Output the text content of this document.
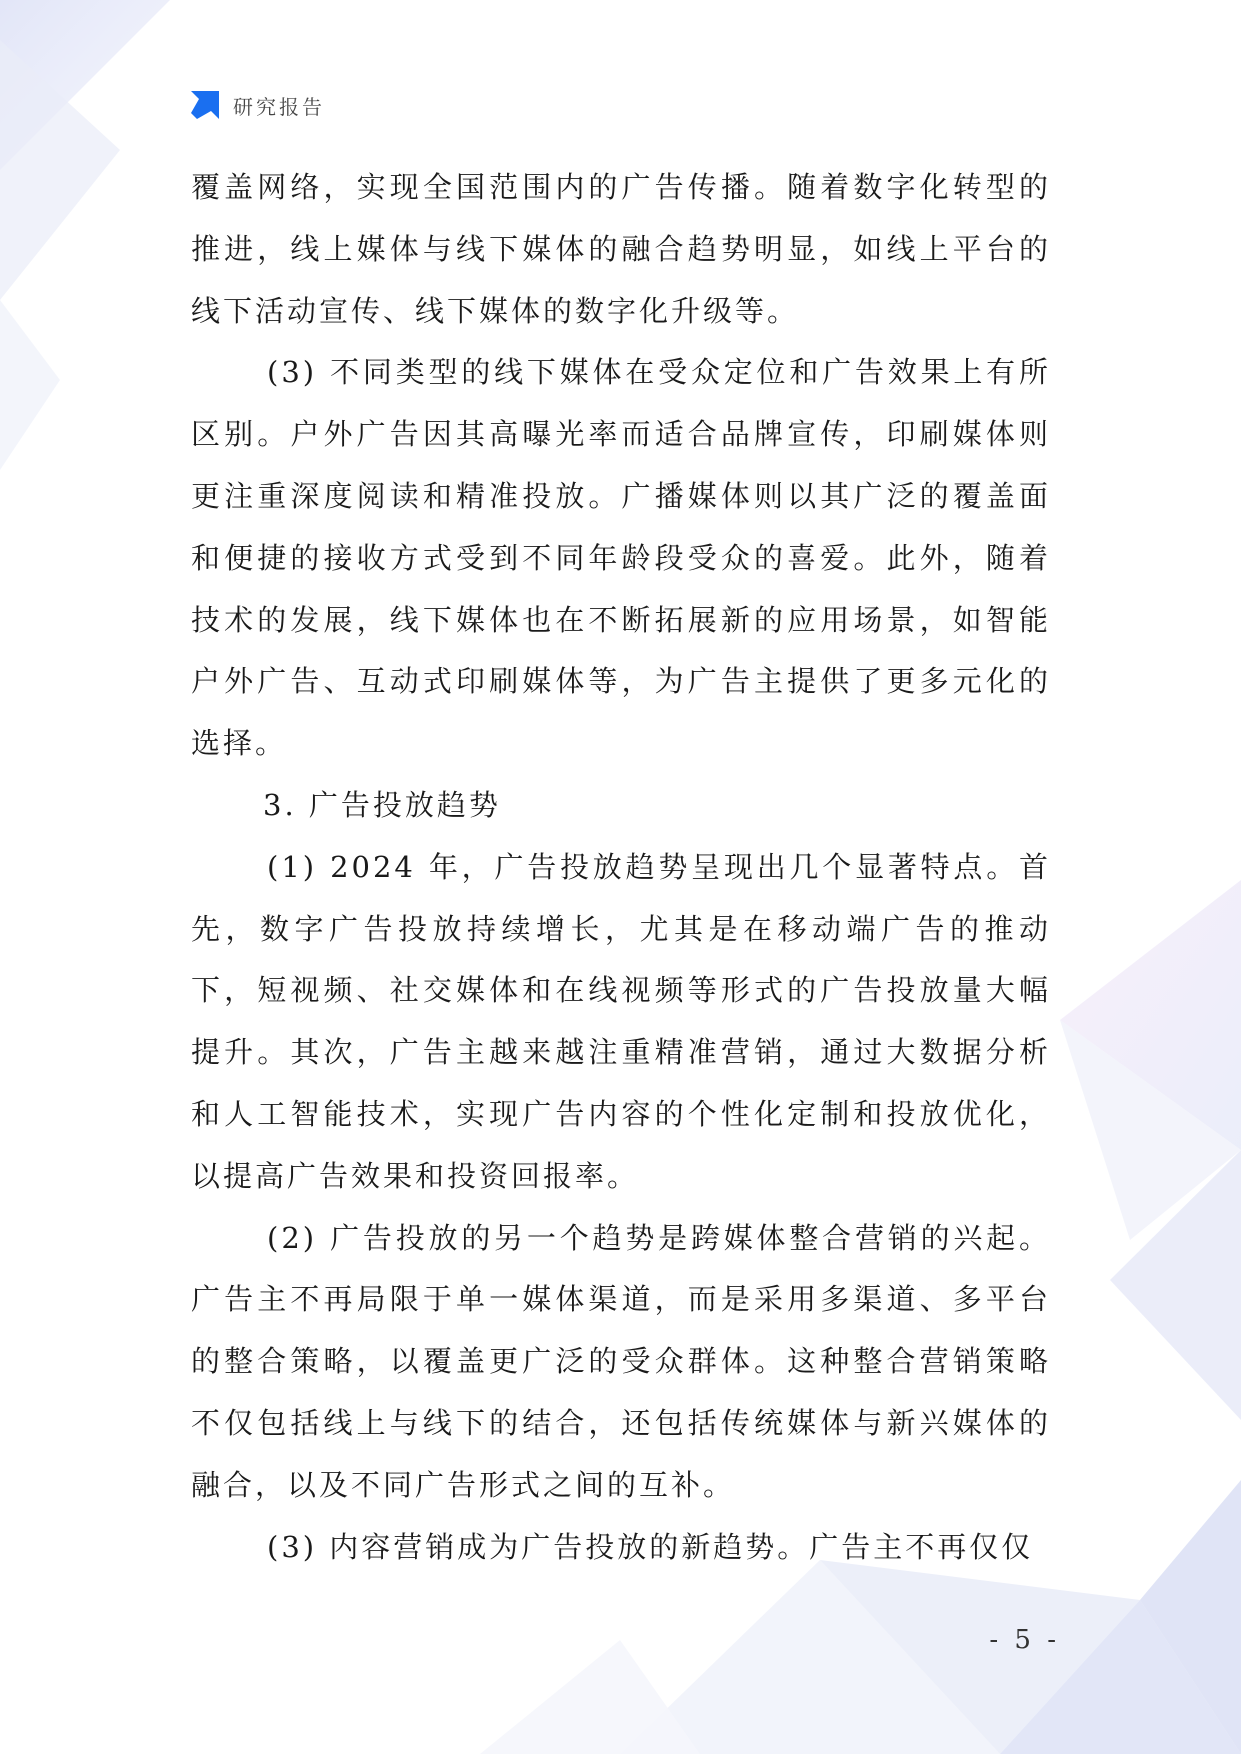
研究报告

覆盖网络，实现全国范围内的广告传播。随着数字化转型的推进，线上媒体与线下媒体的融合趋势明显，如线上平台的线下活动宣传、线下媒体的数字化升级等。

(3) 不同类型的线下媒体在受众定位和广告效果上有所区别。户外广告因其高曝光率而适合品牌宣传，印刷媒体则更注重深度阅读和精准投放。广播媒体则以其广泛的覆盖面和便捷的接收方式受到不同年龄段受众的喜爱。此外，随着技术的发展，线下媒体也在不断拓展新的应用场景，如智能户外广告、互动式印刷媒体等，为广告主提供了更多元化的选择。

3. 广告投放趋势

(1) 2024 年，广告投放趋势呈现出几个显著特点。首先，数字广告投放持续增长，尤其是在移动端广告的推动下，短视频、社交媒体和在线视频等形式的广告投放量大幅提升。其次，广告主越来越注重精准营销，通过大数据分析和人工智能技术，实现广告内容的个性化定制和投放优化，以提高广告效果和投资回报率。

(2) 广告投放的另一个趋势是跨媒体整合营销的兴起。广告主不再局限于单一媒体渠道，而是采用多渠道、多平台的整合策略，以覆盖更广泛的受众群体。这种整合营销策略不仅包括线上与线下的结合，还包括传统媒体与新兴媒体的融合，以及不同广告形式之间的互补。

(3) 内容营销成为广告投放的新趋势。广告主不再仅仅

- 5 -
